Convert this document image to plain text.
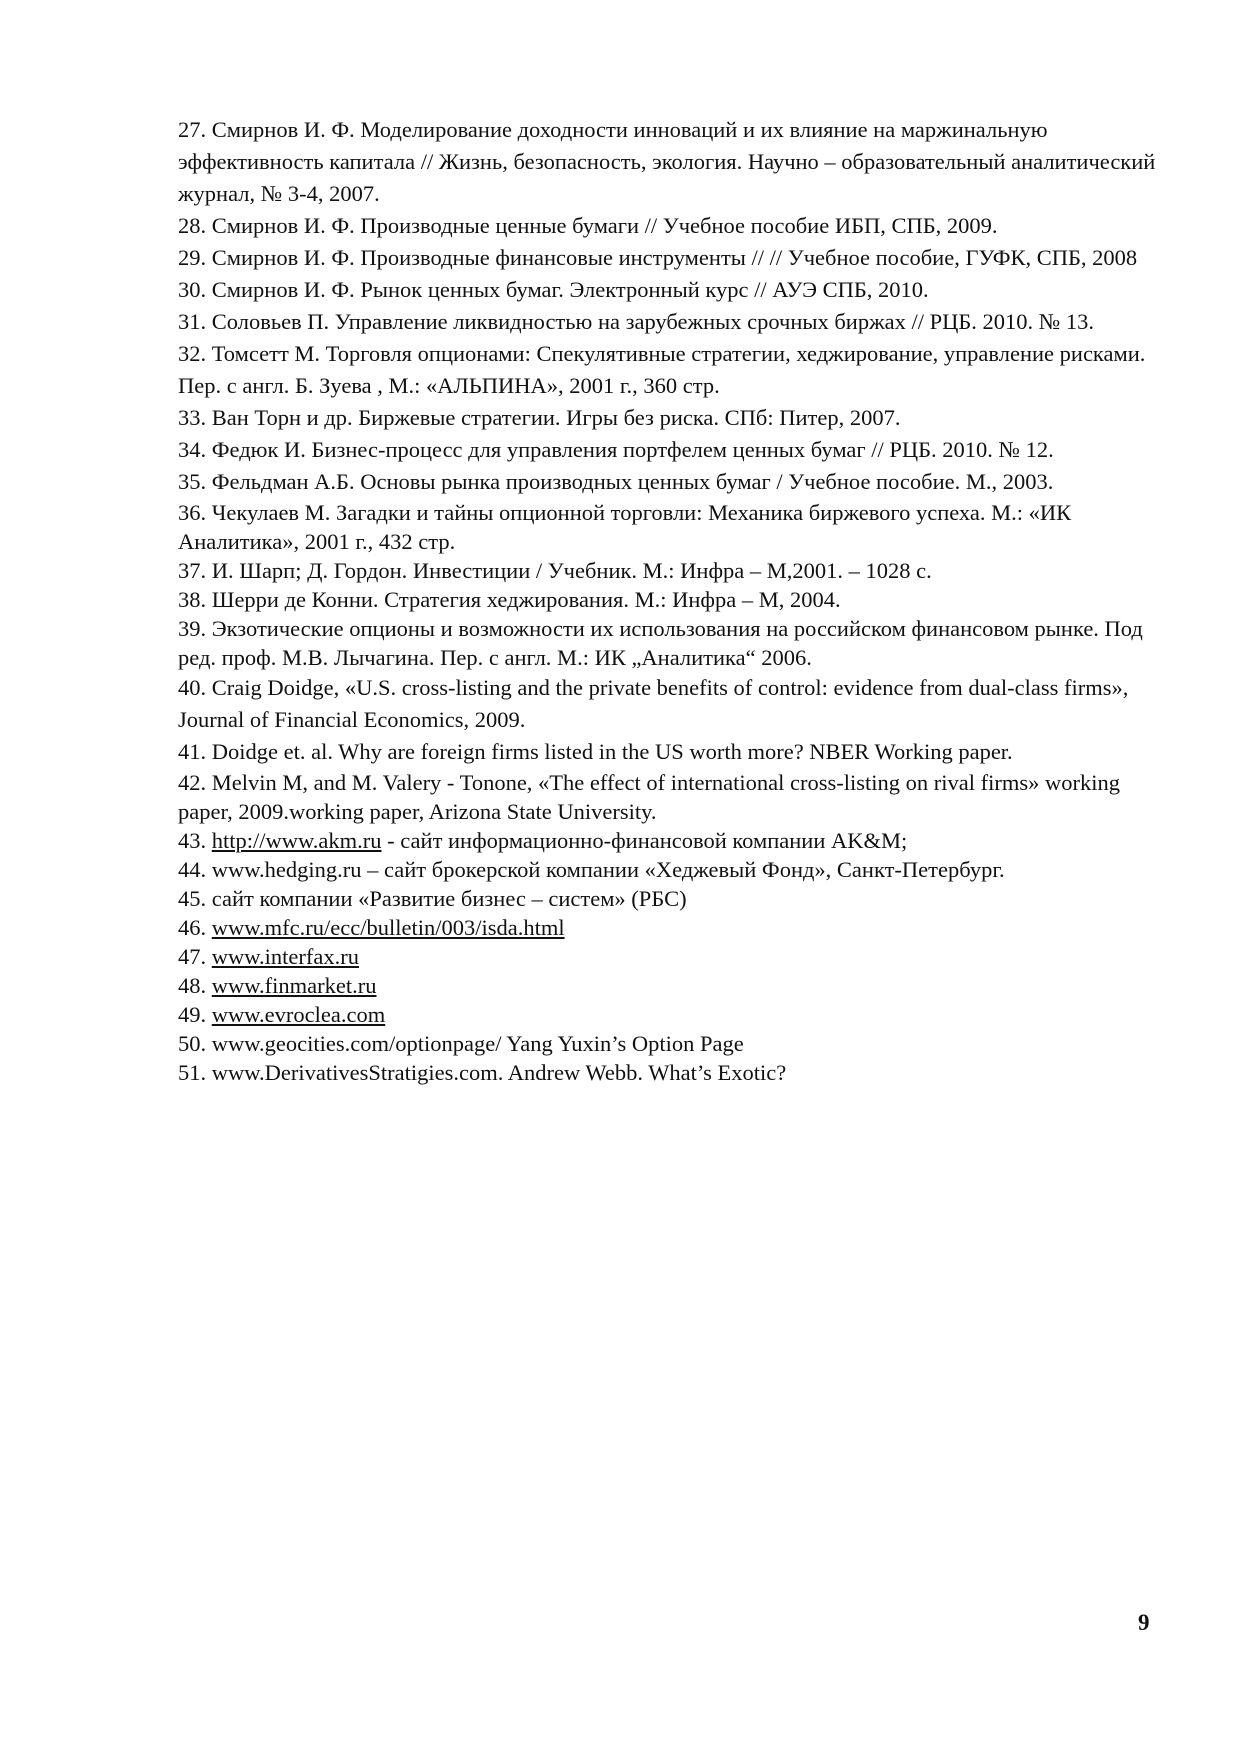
27. Смирнов И. Ф. Моделирование доходности инноваций и их влияние на маржинальную эффективность капитала // Жизнь, безопасность, экология. Научно – образовательный аналитический журнал, № 3-4, 2007.

28. Смирнов И. Ф. Производные ценные бумаги // Учебное пособие ИБП, СПБ, 2009.

29. Смирнов И. Ф. Производные финансовые инструменты // // Учебное пособие, ГУФК, СПБ, 2008

30. Смирнов И. Ф. Рынок ценных бумаг. Электронный курс // АУЭ СПБ, 2010.

31. Соловьев П. Управление ликвидностью на зарубежных срочных биржах // РЦБ. 2010. № 13.

32. Томсетт М. Торговля опционами: Спекулятивные стратегии, хеджирование, управление рисками. Пер. с англ. Б. Зуева , М.: «АЛЬПИНА», 2001 г., 360 стр.

33. Ван Торн и др. Биржевые стратегии. Игры без риска. СПб: Питер, 2007.

34. Федюк И. Бизнес-процесс для управления портфелем ценных бумаг // РЦБ. 2010. № 12.

35. Фельдман А.Б. Основы рынка производных ценных бумаг / Учебное пособие. М., 2003.

36. Чекулаев М. Загадки и тайны опционной торговли: Механика биржевого успеха. М.: «ИК Аналитика», 2001 г., 432 стр.

37. И. Шарп; Д. Гордон. Инвестиции / Учебник. М.: Инфра – М,2001. – 1028 с.

38. Шерри де Конни. Стратегия хеджирования. М.: Инфра – М, 2004.

39. Экзотические опционы и возможности их использования на российском финансовом рынке. Под ред. проф. М.В. Лычагина. Пер. с англ. М.: ИК „Аналитика“ 2006.

40. Craig Doidge, «U.S. cross-listing and the private benefits of control: evidence from dual-class firms», Journal of Financial Economics, 2009.

41. Doidge et. al. Why are foreign firms listed in the US worth more? NBER Working paper.

42. Melvin M, and M. Valery - Tonone, «The effect of international cross-listing on rival firms» working paper, 2009.working paper, Arizona State University.

43. http://www.akm.ru - сайт информационно-финансовой компании AK&M;

44. www.hedging.ru – сайт брокерской компании «Хеджевый Фонд», Санкт-Петербург.

45. сайт компании «Развитие бизнес – систем» (РБС)

46. www.mfc.ru/ecc/bulletin/003/isda.html

47. www.interfax.ru

48. www.finmarket.ru

49. www.evroclea.com

50. www.geocities.com/optionpage/ Yang Yuxin’s Option Page

51. www.DerivativesStratigies.com. Andrew Webb. What’s Exotic?

9
